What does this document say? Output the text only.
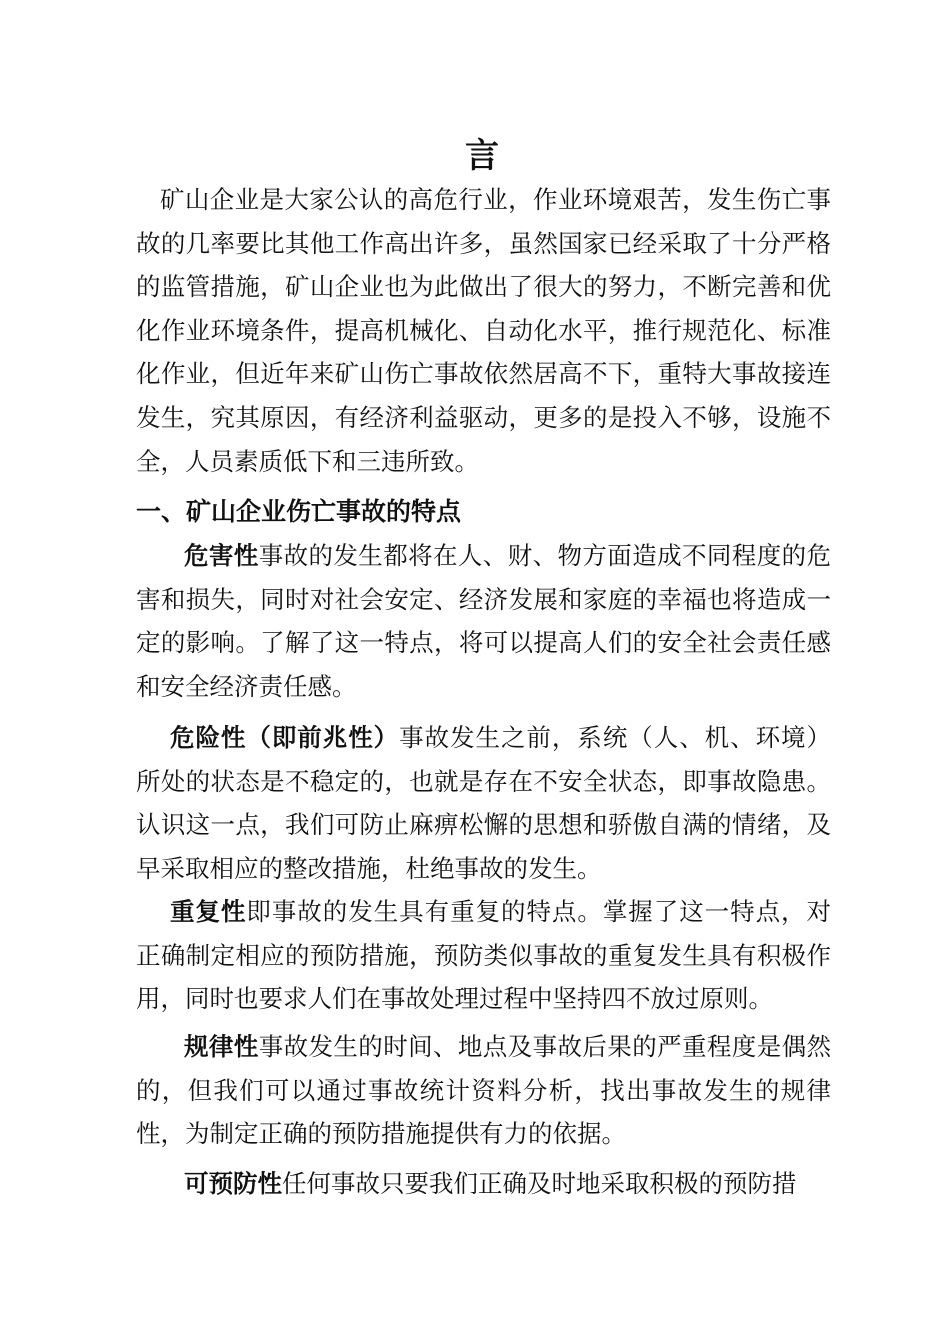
言

矿山企业是大家公认的高危行业，作业环境艰苦，发生伤亡事故的几率要比其他工作高出许多，虽然国家已经采取了十分严格的监管措施，矿山企业也为此做出了很大的努力，不断完善和优化作业环境条件，提高机械化、自动化水平，推行规范化、标准化作业，但近年来矿山伤亡事故依然居高不下，重特大事故接连发生，究其原因，有经济利益驱动，更多的是投入不够，设施不全，人员素质低下和三违所致。

一、矿山企业伤亡事故的特点

危害性事故的发生都将在人、财、物方面造成不同程度的危害和损失，同时对社会安定、经济发展和家庭的幸福也将造成一定的影响。了解了这一特点，将可以提高人们的安全社会责任感和安全经济责任感。

危险性（即前兆性）事故发生之前，系统（人、机、环境）所处的状态是不稳定的，也就是存在不安全状态，即事故隐患。认识这一点，我们可防止麻痹松懈的思想和骄傲自满的情绪，及早采取相应的整改措施，杜绝事故的发生。

重复性即事故的发生具有重复的特点。掌握了这一特点，对正确制定相应的预防措施，预防类似事故的重复发生具有积极作用，同时也要求人们在事故处理过程中坚持四不放过原则。

规律性事故发生的时间、地点及事故后果的严重程度是偶然的，但我们可以通过事故统计资料分析，找出事故发生的规律性，为制定正确的预防措施提供有力的依据。

可预防性任何事故只要我们正确及时地采取积极的预防措
